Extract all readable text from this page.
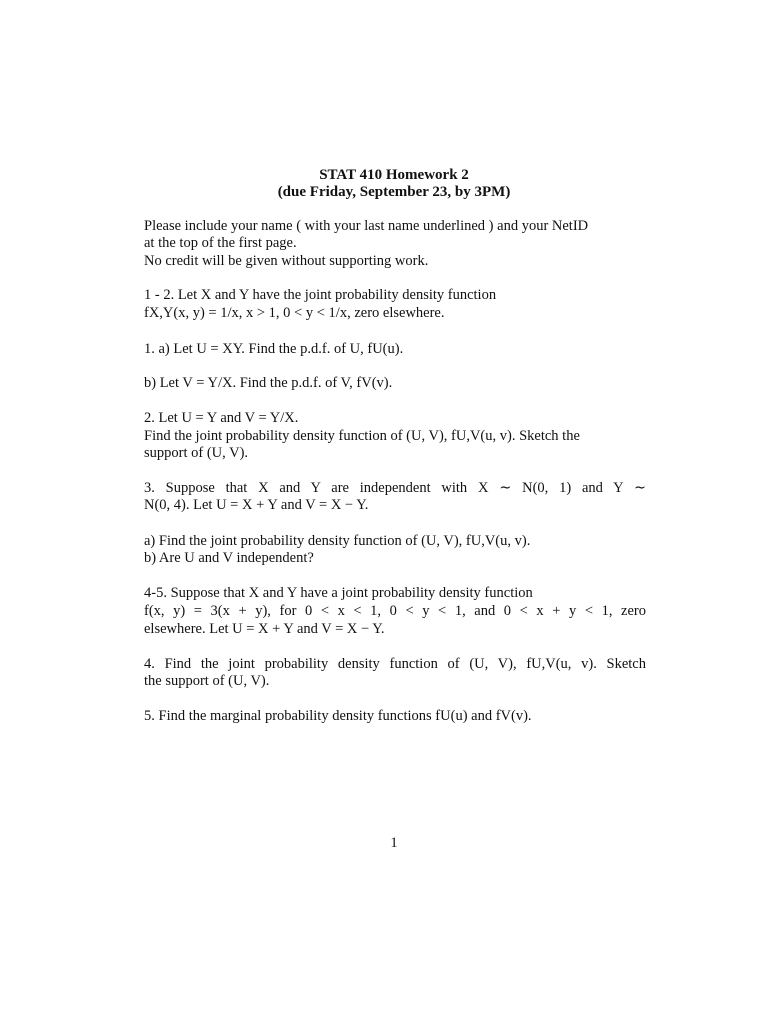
STAT 410 Homework 2
(due Friday, September 23, by 3PM)
Please include your name ( with your last name underlined ) and your NetID
at the top of the first page.
No credit will be given without supporting work.
1 - 2. Let X and Y have the joint probability density function
fX,Y(x, y) = 1/x, x > 1, 0 < y < 1/x, zero elsewhere.
1. a) Let U = XY. Find the p.d.f. of U, fU(u).
b) Let V = Y/X. Find the p.d.f. of V, fV(v).
2. Let U = Y and V = Y/X.
Find the joint probability density function of (U, V), fU,V(u, v). Sketch the
support of (U, V).
3. Suppose that X and Y are independent with X ∼ N(0, 1) and Y ∼
N(0, 4). Let U = X + Y and V = X − Y.
a) Find the joint probability density function of (U, V), fU,V(u, v).
b) Are U and V independent?
4-5. Suppose that X and Y have a joint probability density function
f(x, y) = 3(x + y), for 0 < x < 1, 0 < y < 1, and 0 < x + y < 1, zero
elsewhere. Let U = X + Y and V = X − Y.
4. Find the joint probability density function of (U, V), fU,V(u, v). Sketch
the support of (U, V).
5. Find the marginal probability density functions fU(u) and fV(v).
1
